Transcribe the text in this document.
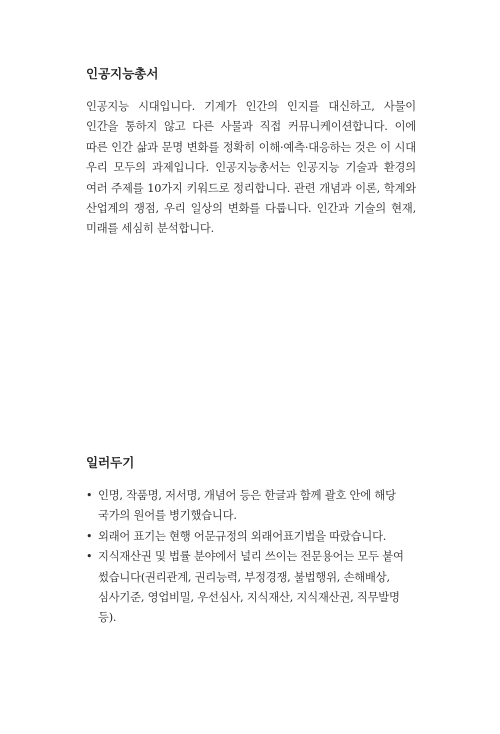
인공지능총서

인공지능 시대입니다. 기계가 인간의 인지를 대신하고, 사물이 인간을 통하지 않고 다른 사물과 직접 커뮤니케이션합니다. 이에 따른 인간 삶과 문명 변화를 정확히 이해·예측·대응하는 것은 이 시대 우리 모두의 과제입니다. 인공지능총서는 인공지능 기술과 환경의 여러 주제를 10가지 키워드로 정리합니다. 관련 개념과 이론, 학계와 산업계의 쟁점, 우리 일상의 변화를 다룹니다. 인간과 기술의 현재, 미래를 세심히 분석합니다.

일러두기
• 인명, 작품명, 저서명, 개념어 등은 한글과 함께 괄호 안에 해당 국가의 원어를 병기했습니다.
• 외래어 표기는 현행 어문규정의 외래어표기법을 따랐습니다.
• 지식재산권 및 법률 분야에서 널리 쓰이는 전문용어는 모두 붙여 썼습니다(권리관계, 권리능력, 부정경쟁, 불법행위, 손해배상, 심사기준, 영업비밀, 우선심사, 지식재산, 지식재산권, 직무발명 등).
